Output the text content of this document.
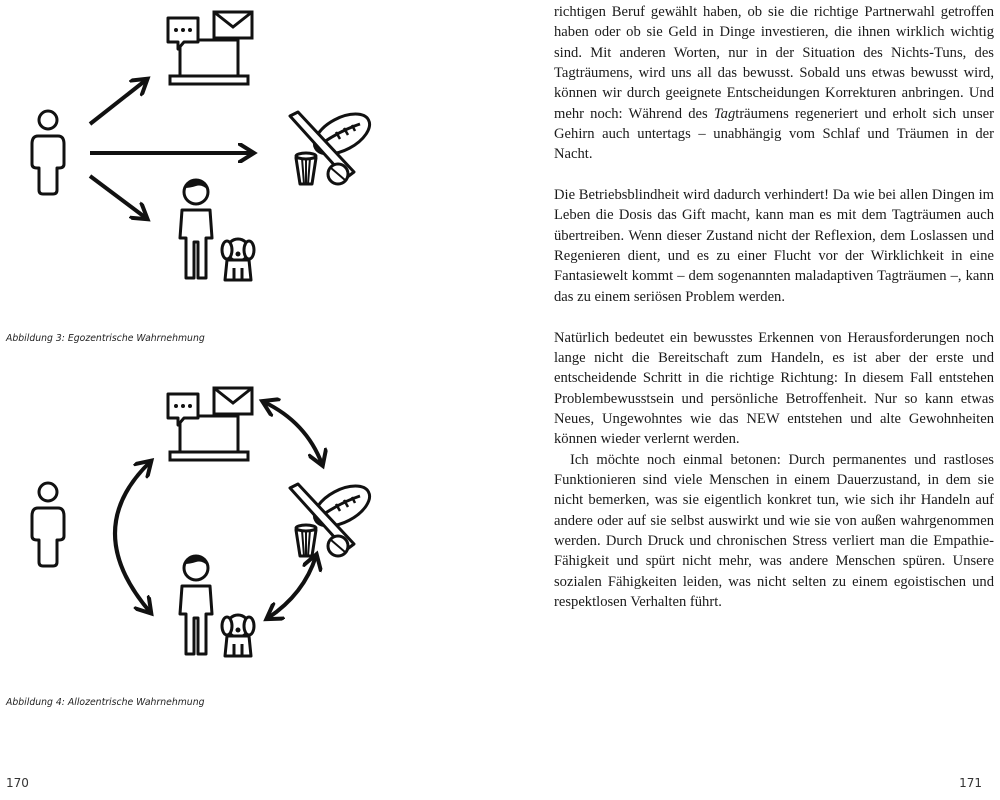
Abbildung 3: Egozentrische Wahrnehmung
Abbildung 4: Allozentrische Wahrnehmung
170

richtigen Beruf gewählt haben, ob sie die richtige Partnerwahl getroffen haben oder ob sie Geld in Dinge investieren, die ihnen wirklich wichtig sind. Mit anderen Worten, nur in der Situation des Nichts-Tuns, des Tagträumens, wird uns all das bewusst. Sobald uns etwas bewusst wird, können wir durch geeignete Entscheidungen Korrekturen anbringen. Und mehr noch: Während des Tagträumens regeneriert und erholt sich unser Gehirn auch untertags – unabhängig vom Schlaf und Träumen in der Nacht.

Die Betriebsblindheit wird dadurch verhindert! Da wie bei allen Dingen im Leben die Dosis das Gift macht, kann man es mit dem Tagträumen auch übertreiben. Wenn dieser Zustand nicht der Reflexion, dem Loslassen und Regenieren dient, und es zu einer Flucht vor der Wirklichkeit in eine Fantasiewelt kommt – dem sogenannten maladaptiven Tagträumen –, kann das zu einem seriösen Problem werden.

Natürlich bedeutet ein bewusstes Erkennen von Herausforderungen noch lange nicht die Bereitschaft zum Handeln, es ist aber der erste und entscheidende Schritt in die richtige Richtung: In diesem Fall entstehen Problembewusstsein und persönliche Betroffenheit. Nur so kann etwas Neues, Ungewohntes wie das NEW entstehen und alte Gewohnheiten können wieder verlernt werden.

Ich möchte noch einmal betonen: Durch permanentes und rastloses Funktionieren sind viele Menschen in einem Dauerzustand, in dem sie nicht bemerken, was sie eigentlich konkret tun, wie sich ihr Handeln auf andere oder auf sie selbst auswirkt und wie sie von außen wahrgenommen werden. Durch Druck und chronischen Stress verliert man die Empathie-Fähigkeit und spürt nicht mehr, was andere Menschen spüren. Unsere sozialen Fähigkeiten leiden, was nicht selten zu einem egoistischen und respektlosen Verhalten führt.

171
